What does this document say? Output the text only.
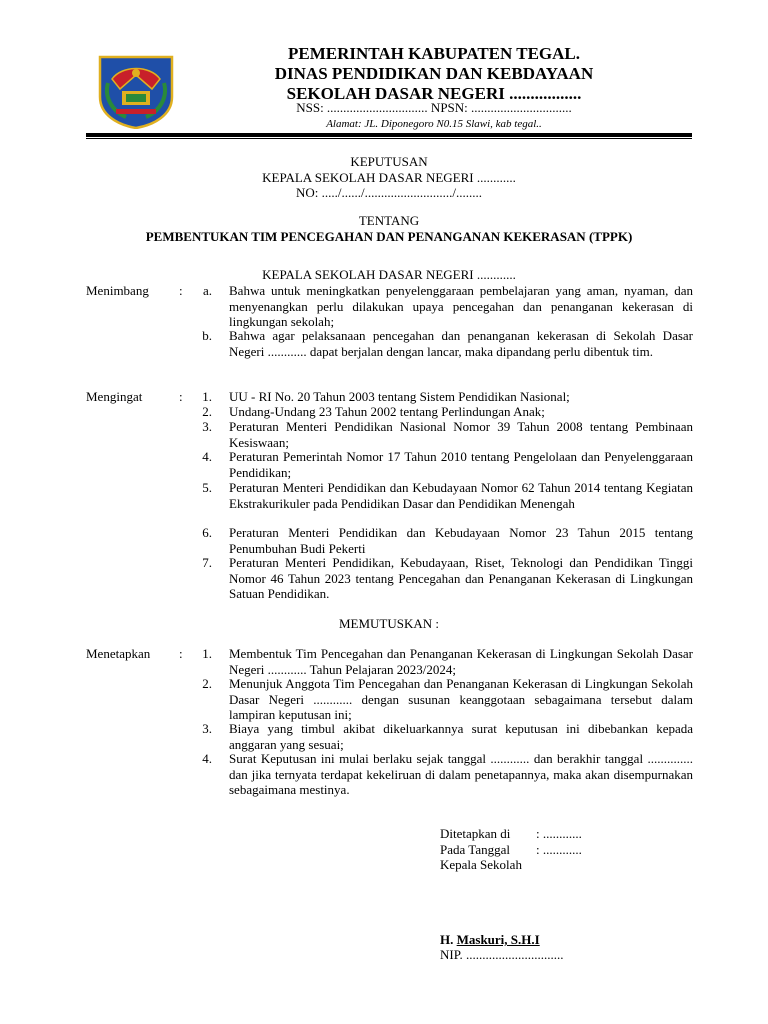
PEMERINTAH KABUPATEN TEGAL.
DINAS PENDIDIKAN DAN KEBDAYAAN
SEKOLAH DASAR NEGERI .................
NSS: ............................... NPSN: ...............................
Alamat: JL. Diponegoro N0.15 Slawi, kab tegal..
KEPUTUSAN
KEPALA SEKOLAH DASAR NEGERI ............
NO: ...../....../.........................../........
TENTANG
PEMBENTUKAN TIM PENCEGAHAN DAN PENANGANAN KEKERASAN (TPPK)
KEPALA SEKOLAH DASAR NEGERI ............
Menimbang :	a. Bahwa untuk meningkatkan penyelenggaraan pembelajaran yang aman, nyaman, dan menyenangkan perlu dilakukan upaya pencegahan dan penanganan kekerasan di lingkungan sekolah;
b. Bahwa agar pelaksanaan pencegahan dan penanganan kekerasan di Sekolah Dasar Negeri ............ dapat berjalan dengan lancar, maka dipandang perlu dibentuk tim.
Mengingat	:	1. UU - RI No. 20 Tahun 2003 tentang Sistem Pendidikan Nasional;
2. Undang-Undang 23 Tahun 2002 tentang Perlindungan Anak;
3. Peraturan Menteri Pendidikan Nasional Nomor 39 Tahun 2008 tentang Pembinaan Kesiswaan;
4. Peraturan Pemerintah Nomor 17 Tahun 2010 tentang Pengelolaan dan Penyelenggaraan Pendidikan;
5. Peraturan Menteri Pendidikan dan Kebudayaan Nomor 62 Tahun 2014 tentang Kegiatan Ekstrakurikuler pada Pendidikan Dasar dan Pendidikan Menengah
6. Peraturan Menteri Pendidikan dan Kebudayaan Nomor 23 Tahun 2015 tentang Penumbuhan Budi Pekerti
7. Peraturan Menteri Pendidikan, Kebudayaan, Riset, Teknologi dan Pendidikan Tinggi Nomor 46 Tahun 2023 tentang Pencegahan dan Penanganan Kekerasan di Lingkungan Satuan Pendidikan.
MEMUTUSKAN :
Menetapkan :	1. Membentuk Tim Pencegahan dan Penanganan Kekerasan di Lingkungan Sekolah Dasar Negeri ............ Tahun Pelajaran 2023/2024;
2. Menunjuk Anggota Tim Pencegahan dan Penanganan Kekerasan di Lingkungan Sekolah Dasar Negeri ............ dengan susunan keanggotaan sebagaimana tersebut dalam lampiran keputusan ini;
3. Biaya yang timbul akibat dikeluarkannya surat keputusan ini dibebankan kepada anggaran yang sesuai;
4. Surat Keputusan ini mulai berlaku sejak tanggal ............ dan berakhir tanggal .............. dan jika ternyata terdapat kekeliruan di dalam penetapannya, maka akan disempurnakan sebagaimana mestinya.
Ditetapkan di : ............
Pada Tanggal : ............
Kepala Sekolah
H. Maskuri, S.H.I
NIP. ..............................
